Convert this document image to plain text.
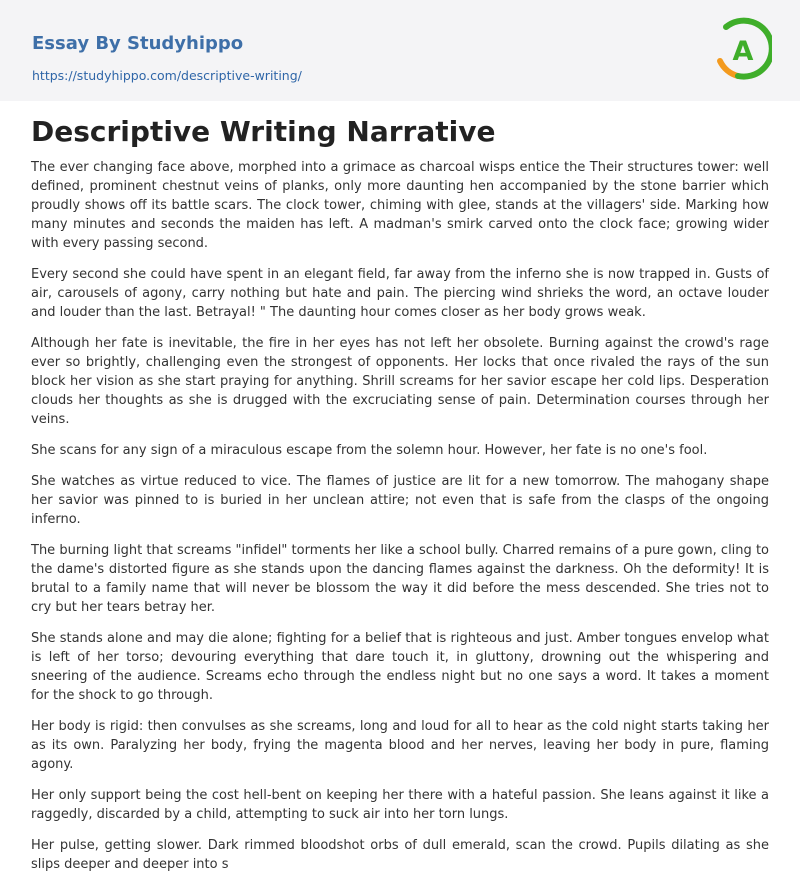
Essay By Studyhippo
https://studyhippo.com/descriptive-writing/
A
Descriptive Writing Narrative

The ever changing face above, morphed into a grimace as charcoal wisps entice the Their structures tower: well defined, prominent chestnut veins of planks, only more daunting hen accompanied by the stone barrier which proudly shows off its battle scars. The clock tower, chiming with glee, stands at the villagers' side. Marking how many minutes and seconds the maiden has left. A madman's smirk carved onto the clock face; growing wider with every passing second.

Every second she could have spent in an elegant field, far away from the inferno she is now trapped in. Gusts of air, carousels of agony, carry nothing but hate and pain. The piercing wind shrieks the word, an octave louder and louder than the last. Betrayal! " The daunting hour comes closer as her body grows weak.

Although her fate is inevitable, the fire in her eyes has not left her obsolete. Burning against the crowd's rage ever so brightly, challenging even the strongest of opponents. Her locks that once rivaled the rays of the sun block her vision as she start praying for anything. Shrill screams for her savior escape her cold lips. Desperation clouds her thoughts as she is drugged with the excruciating sense of pain. Determination courses through her veins.

She scans for any sign of a miraculous escape from the solemn hour. However, her fate is no one's fool.

She watches as virtue reduced to vice. The flames of justice are lit for a new tomorrow. The mahogany shape her savior was pinned to is buried in her unclean attire; not even that is safe from the clasps of the ongoing inferno.

The burning light that screams "infidel" torments her like a school bully. Charred remains of a pure gown, cling to the dame's distorted figure as she stands upon the dancing flames against the darkness. Oh the deformity! It is brutal to a family name that will never be blossom the way it did before the mess descended. She tries not to cry but her tears betray her.

She stands alone and may die alone; fighting for a belief that is righteous and just. Amber tongues envelop what is left of her torso; devouring everything that dare touch it, in gluttony, drowning out the whispering and sneering of the audience. Screams echo through the endless night but no one says a word. It takes a moment for the shock to go through.

Her body is rigid: then convulses as she screams, long and loud for all to hear as the cold night starts taking her as its own. Paralyzing her body, frying the magenta blood and her nerves, leaving her body in pure, flaming agony.

Her only support being the cost hell-bent on keeping her there with a hateful passion. She leans against it like a raggedly, discarded by a child, attempting to suck air into her torn lungs.

Her pulse, getting slower. Dark rimmed bloodshot orbs of dull emerald, scan the crowd. Pupils dilating as she slips deeper and deeper into s
